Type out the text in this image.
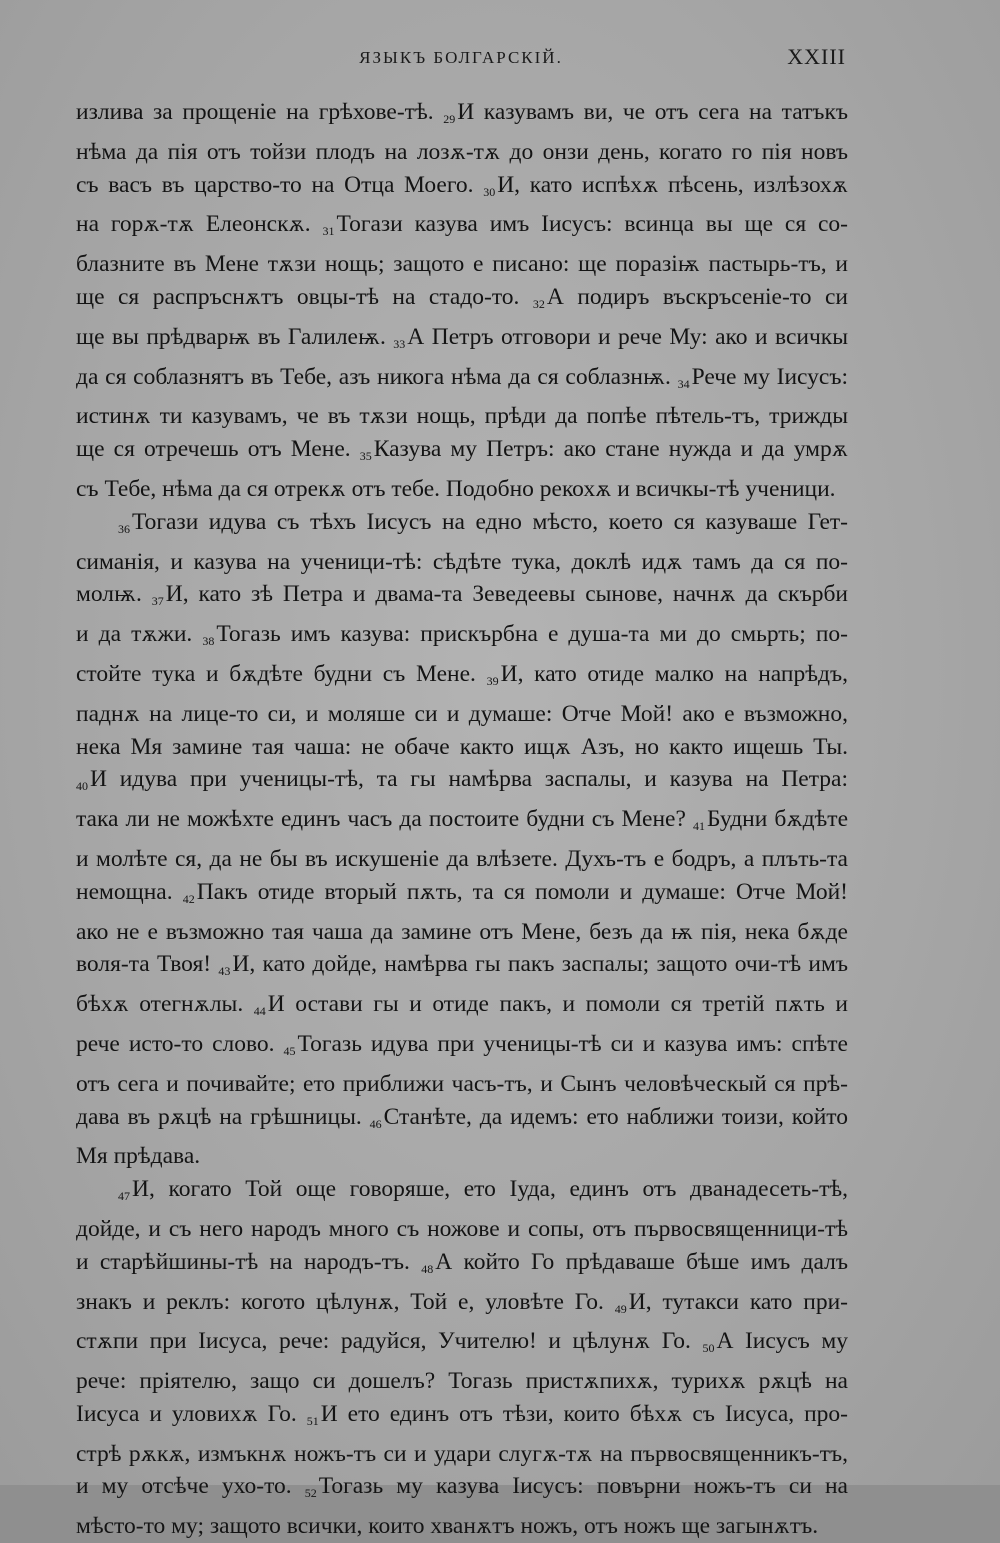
ЯЗЫКЪ БОЛГАРСКІЙ.	XXIII
излива за прощеніе на грѣхове-тѣ. 29И казувамъ ви, че отъ сега на татъкъ
нѣма да пія отъ тойзи плодъ на лозѫ-тѫ до онзи день, когато го пія новъ
съ васъ въ царство-то на Отца Моего. 30И, като испѣхѫ пѣсень, излѣзохѫ
на горѫ-тѫ Елеонскѫ. 31Тогази казува имъ Іисусъ: всинца вы ще ся со-
блазните въ Мене тѫзи нощь; защото е писано: ще поразіѭ пастырь-тъ, и
ще ся распръснѫтъ овцы-тѣ на стадо-то. 32А подиръ въскръсеніе-то си
ще вы прѣдварѭ въ Галилеѭ. 33А Петръ отговори и рече Му: ако и всичкы
да ся соблазнятъ въ Тебе, азъ никога нѣма да ся соблазнѭ. 34Рече му Іисусъ:
истинѫ ти казувамъ, че въ тѫзи нощь, прѣди да попѣе пѣтель-тъ, трижды
ще ся отречешь отъ Мене. 35Казува му Петръ: ако стане нужда и да умрѫ
съ Тебе, нѣма да ся отрекѫ отъ тебе. Подобно рекохѫ и всичкы-тѣ ученици.
36Тогази идува съ тѣхъ Іисусъ на едно мѣсто, което ся казуваше Гет-
симанія, и казува на ученици-тѣ: сѣдѣте тука, доклѣ идѫ тамъ да ся по-
молѭ. 37И, като зѣ Петра и двама-та Зеведеевы сынове, начнѫ да скърби
и да тѫжи. 38Тогазь имъ казува: прискърбна е душа-та ми до смьрть; по-
стойте тука и бѫдѣте будни съ Мене. 39И, като отиде малко на напрѣдъ,
паднѫ на лице-то си, и моляше си и думаше: Отче Мой! ако е възможно,
нека Мя замине тая чаша: не обаче както ищѫ Азъ, но както ищешь Ты.
40И идува при ученицы-тѣ, та гы намѣрва заспалы, и казува на Петра:
така ли не можѣхте единъ часъ да постоите будни съ Мене? 41Будни бѫдѣте
и молѣте ся, да не бы въ искушеніе да влѣзете. Духъ-тъ е бодръ, а плъть-та
немощна. 42Пакъ отиде вторый пѫть, та ся помоли и думаше: Отче Мой!
ако не е възможно тая чаша да замине отъ Мене, безъ да ѭ пія, нека бѫде
воля-та Твоя! 43И, като дойде, намѣрва гы пакъ заспалы; защото очи-тѣ имъ
бѣхѫ отегнѫлы. 44И остави гы и отиде пакъ, и помоли ся третій пѫть и
рече исто-то слово. 45Тогазь идува при ученицы-тѣ си и казува имъ: спѣте
отъ сега и почивайте; ето приближи часъ-тъ, и Сынъ человѣческый ся прѣ-
дава въ рѫцѣ на грѣшницы. 46Станѣте, да идемъ: ето наближи тоизи, който
Мя прѣдава.
47И, когато Той още говоряше, ето Іуда, единъ отъ дванадесеть-тѣ,
дойде, и съ него народъ много съ ножове и сопы, отъ първосвященници-тѣ
и старѣйшины-тѣ на народъ-тъ. 48А който Го прѣдаваше бѣше имъ далъ
знакъ и реклъ: когото цѣлунѫ, Той е, уловѣте Го. 49И, тутакси като при-
стѫпи при Іисуса, рече: радуйся, Учителю! и цѣлунѫ Го. 50А Іисусъ му
рече: пріятелю, защо си дошелъ? Тогазь пристѫпихѫ, турихѫ рѫцѣ на
Іисуса и уловихѫ Го. 51И ето единъ отъ тѣзи, които бѣхѫ съ Іисуса, про-
стрѣ рѫкѫ, измъкнѫ ножъ-тъ си и удари слугѫ-тѫ на първосвященникъ-тъ,
и му отсѣче ухо-то. 52Тогазь му казува Іисусъ: повърни ножъ-тъ си на
мѣсто-то му; защото всички, които хванѫтъ ножъ, отъ ножъ ще загынѫтъ.
